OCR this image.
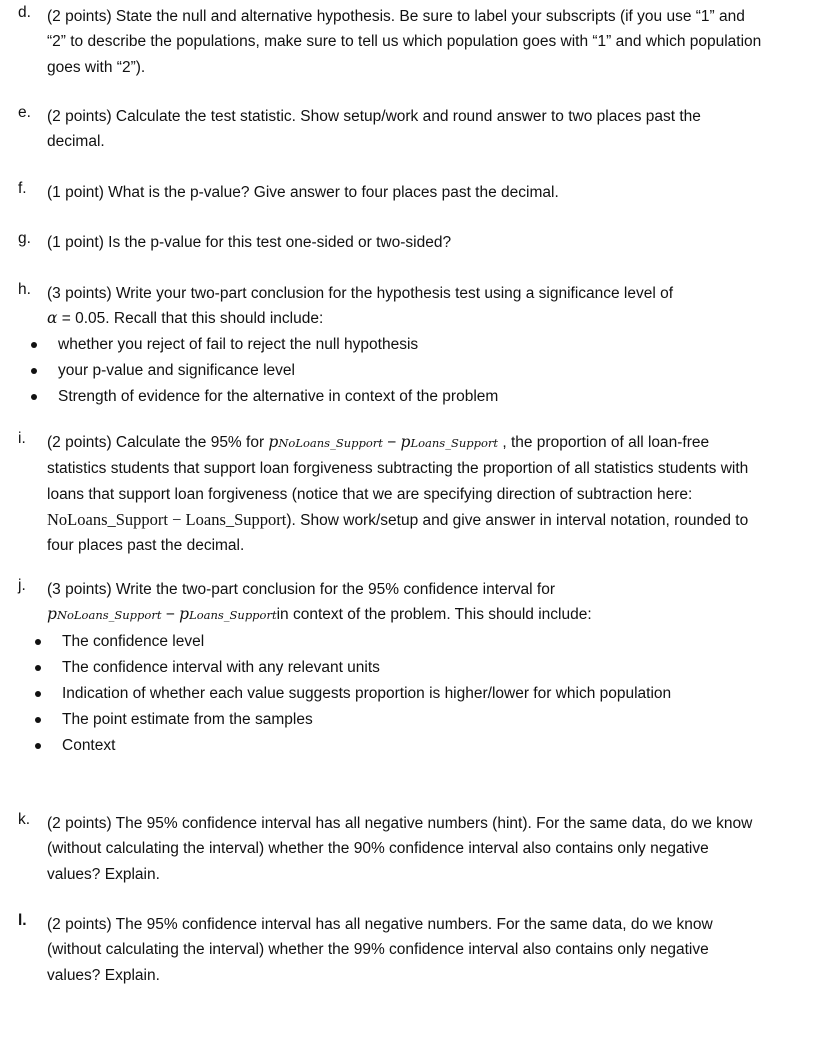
d. (2 points) State the null and alternative hypothesis. Be sure to label your subscripts (if you use “1” and “2” to describe the populations, make sure to tell us which population goes with “1” and which population goes with “2”).
e. (2 points) Calculate the test statistic. Show setup/work and round answer to two places past the decimal.
f. (1 point) What is the p-value? Give answer to four places past the decimal.
g. (1 point) Is the p-value for this test one-sided or two-sided?
h. (3 points) Write your two-part conclusion for the hypothesis test using a significance level of
α = 0.05. Recall that this should include:
whether you reject of fail to reject the null hypothesis
your p-value and significance level
Strength of evidence for the alternative in context of the problem
i. (2 points) Calculate the 95% for pNoLoans_Support − pLoans_Support , the proportion of all loan-free statistics students that support loan forgiveness subtracting the proportion of all statistics students with loans that support loan forgiveness (notice that we are specifying direction of subtraction here: NoLoans_Support − Loans_Support). Show work/setup and give answer in interval notation, rounded to four places past the decimal.
j. (3 points) Write the two-part conclusion for the 95% confidence interval for
pNoLoans_Support − pLoans_Supportin context of the problem. This should include:
The confidence level
The confidence interval with any relevant units
Indication of whether each value suggests proportion is higher/lower for which population
The point estimate from the samples
Context
k. (2 points) The 95% confidence interval has all negative numbers (hint). For the same data, do we know (without calculating the interval) whether the 90% confidence interval also contains only negative values? Explain.
l. (2 points) The 95% confidence interval has all negative numbers. For the same data, do we know (without calculating the interval) whether the 99% confidence interval also contains only negative values? Explain.
